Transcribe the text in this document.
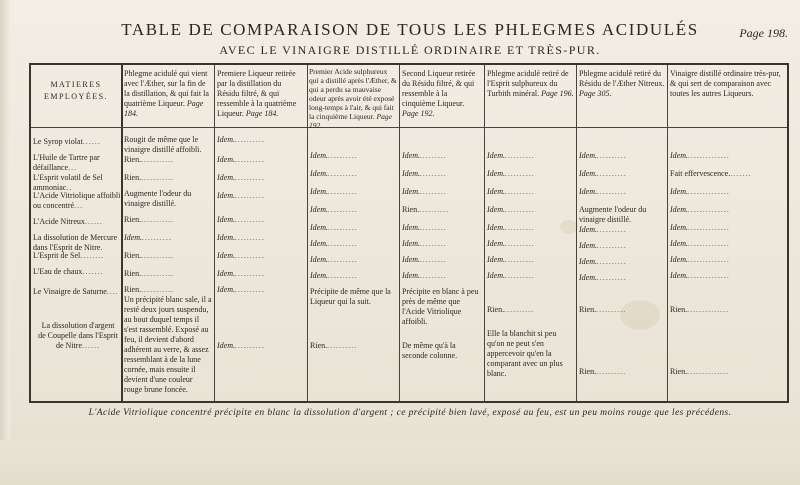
TABLE DE COMPARAISON DE TOUS LES PHLEGMES ACIDULÉS
AVEC LE VINAIGRE DISTILLÉ ORDINAIRE ET TRÈS-PUR.
Page 198.
MATIERES EMPLOYÉES.
Phlegme acidulé qui vient avec l'Æther, sur la fin de la distillation, & qui fait la quatrième Liqueur. Page 184.
Premiere Liqueur retirée par la distillation du Résidu filtré, & qui ressemble à la quatrième Liqueur. Page 184.
Premier Acide sulphureux qui a distillé après l'Æther, & qui a perdu sa mauvaise odeur après avoir été exposé long-temps à l'air, & qui fait la cinquième Liqueur. Page 192.
Second Liqueur retirée du Résidu filtré, & qui ressemble à la cinquième Liqueur. Page 192.
Phlegme acidulé retiré de l'Esprit sulphureux du Turbith minéral. Page 196.
Phlegme acidulé retiré du Résidu de l'Æther Nitreux. Page 305.
Vinaigre distillé ordinaire très-pur, & qui sert de comparaison avec toutes les autres Liqueurs.
Le Syrop violat......
L'Huile de Tartre par défaillance...
L'Esprit volatil de Sel ammoniac..
L'Acide Vitriolique affoibli ou concentré...
L'Acide Nitreux......
La dissolution de Mercure dans l'Esprit de Nitre.
L'Esprit de Sel........
L'Eau de chaux.......
Le Vinaigre de Saturne....
La dissolution d'argent de Coupelle dans l'Esprit de Nitre......
Rougit de même que le vinaigre distillé affoibli.
Rien............
Rien............
Augmente l'odeur du vinaigre distillé.
Rien............
Idem...........
Rien............
Rien............
Rien............
Un précipité blanc sale, il a resté deux jours suspendu, au bout duquel temps il s'est rassemblé. Exposé au feu, il devient d'abord adhérent au verre, & assez ressemblant à de la lune cornée, mais ensuite il devient d'une couleur rouge brune foncée.
Idem...........
Idem...........
Idem...........
Idem...........
Idem...........
Idem...........
Idem...........
Idem...........
Idem...........
Idem...........
Idem...........
Idem...........
Idem...........
Idem...........
Idem...........
Idem...........
Idem...........
Idem...........
Précipite de même que la Liqueur qui la suit.
Rien...........
Idem..........
Idem..........
Idem..........
Rien...........
Idem..........
Idem..........
Idem..........
Idem..........
Précipite en blanc à peu près de même que l'Acide Vitriolique affoibli.
De même qu'à la seconde colonne.
Idem...........
Idem...........
Idem...........
Idem...........
Idem...........
Idem...........
Idem...........
Idem...........
Rien...........
Elle la blanchit si peu qu'on ne peut s'en appercevoir qu'en la comparant avec un plus blanc.
Idem...........
Idem...........
Idem...........
Augmente l'odeur du vinaigre distillé.
Idem...........
Idem...........
Idem...........
Idem...........
Rien...........
Rien...........
Idem...............
Fait effervescence........
Idem...............
Idem...............
Idem...............
Idem...............
Idem...............
Idem...............
Rien...............
Rien...............
L'Acide Vitriolique concentré précipite en blanc la dissolution d'argent ; ce précipité bien lavé, exposé au feu, est un peu moins rouge que les précédens.
